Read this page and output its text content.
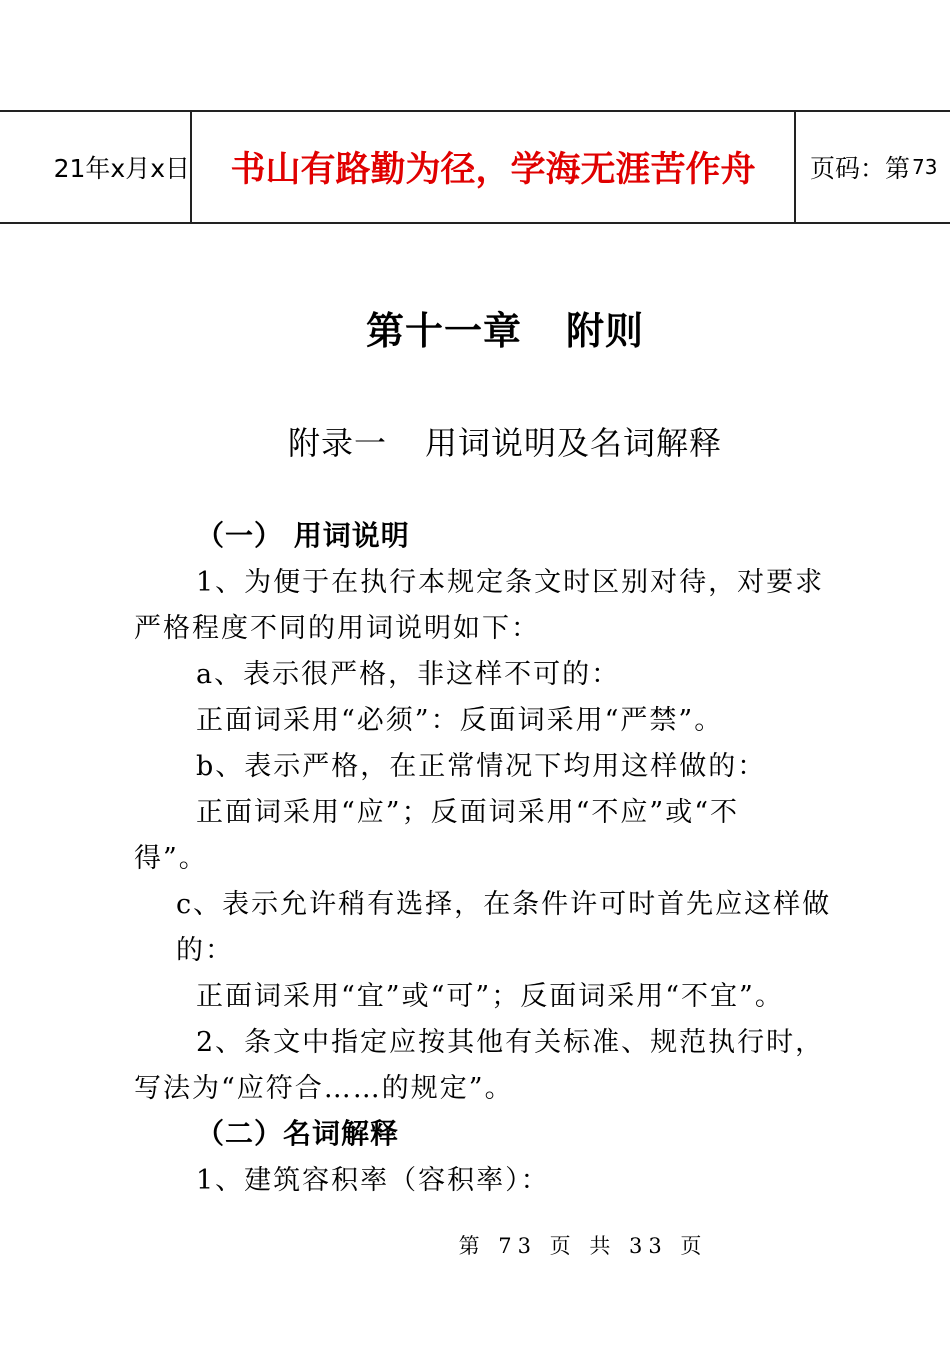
21年x月x日	书山有路勤为径，学海无涯苦作舟	页码：第 73
第十一章 附则
附录一 用词说明及名词解释
（一） 用词说明
1、为便于在执行本规定条文时区别对待，对要求
严格程度不同的用词说明如下：
a、表示很严格，非这样不可的：
正面词采用“必须”：反面词采用“严禁”。
b、表示严格，在正常情况下均用这样做的：
正面词采用“应”；反面词采用“不应”或“不
得”。
c、表示允许稍有选择，在条件许可时首先应这样做
的：
正面词采用“宜”或“可”；反面词采用“不宜”。
2、条文中指定应按其他有关标准、规范执行时，
写法为“应符合……的规定”。
（二）名词解释
1、建筑容积率（容积率）：
第 73 页 共 33 页
